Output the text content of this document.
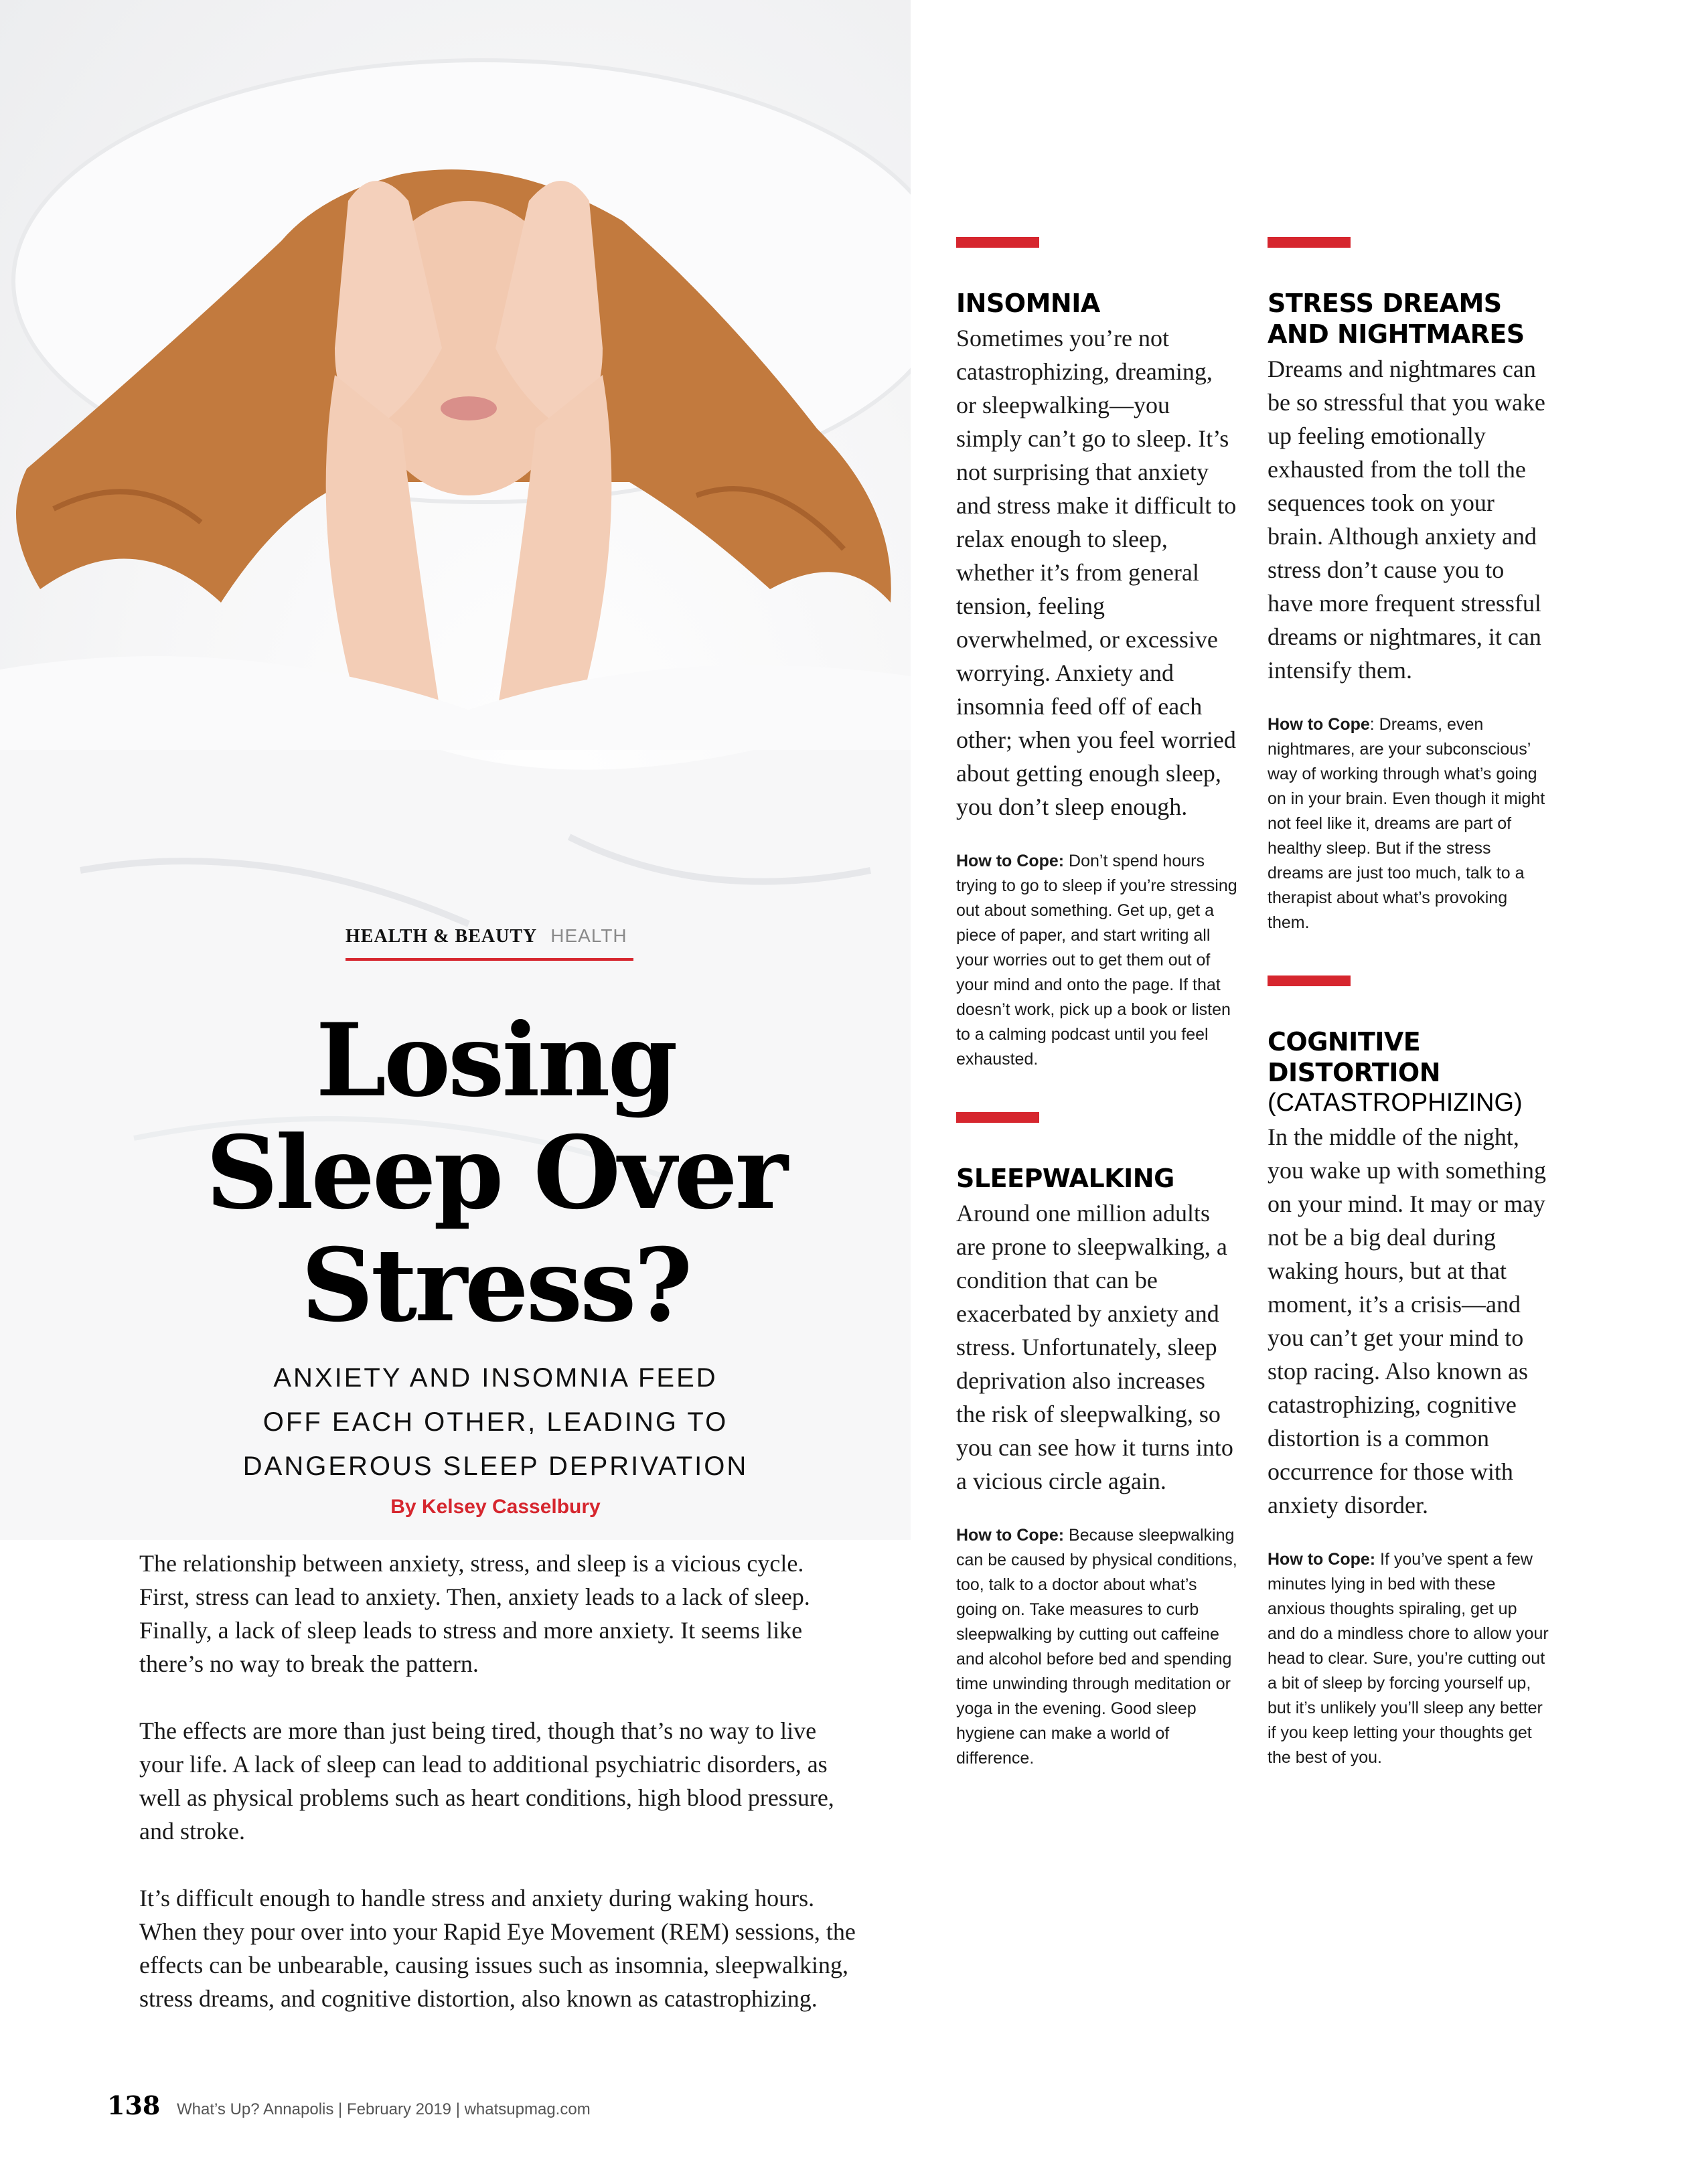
HEALTH & BEAUTY HEALTH
Losing
Sleep Over
Stress?
ANXIETY AND INSOMNIA FEED
OFF EACH OTHER, LEADING TO
DANGEROUS SLEEP DEPRIVATION
By Kelsey Casselbury

The relationship between anxiety, stress, and sleep is a vicious cycle. First, stress can lead to anxiety. Then, anxiety leads to a lack of sleep. Finally, a lack of sleep leads to stress and more anxiety. It seems like there’s no way to break the pattern.

The effects are more than just being tired, though that’s no way to live your life. A lack of sleep can lead to additional psychiatric disorders, as well as physical problems such as heart conditions, high blood pressure, and stroke.

It’s difficult enough to handle stress and anxiety during waking hours. When they pour over into your Rapid Eye Movement (REM) sessions, the effects can be unbearable, causing issues such as insomnia, sleepwalking, stress dreams, and cognitive distortion, also known as catastrophizing.

INSOMNIA
Sometimes you’re not catastrophizing, dreaming, or sleepwalking—you simply can’t go to sleep. It’s not surprising that anxiety and stress make it difficult to relax enough to sleep, whether it’s from general tension, feeling overwhelmed, or excessive worrying. Anxiety and insomnia feed off of each other; when you feel worried about getting enough sleep, you don’t sleep enough.
How to Cope: Don’t spend hours trying to go to sleep if you’re stressing out about something. Get up, get a piece of paper, and start writing all your worries out to get them out of your mind and onto the page. If that doesn’t work, pick up a book or listen to a calming podcast until you feel exhausted.
SLEEPWALKING
Around one million adults are prone to sleepwalking, a condition that can be exacerbated by anxiety and stress. Unfortunately, sleep deprivation also increases the risk of sleepwalking, so you can see how it turns into a vicious circle again.
How to Cope: Because sleepwalking can be caused by physical conditions, too, talk to a doctor about what’s going on. Take measures to curb sleepwalking by cutting out caffeine and alcohol before bed and spending time unwinding through meditation or yoga in the evening. Good sleep hygiene can make a world of difference.
STRESS DREAMS AND NIGHTMARES
Dreams and nightmares can be so stressful that you wake up feeling emotionally exhausted from the toll the sequences took on your brain. Although anxiety and stress don’t cause you to have more frequent stressful dreams or nightmares, it can intensify them.
How to Cope: Dreams, even nightmares, are your subconscious’ way of working through what’s going on in your brain. Even though it might not feel like it, dreams are part of healthy sleep. But if the stress dreams are just too much, talk to a therapist about what’s provoking them.
COGNITIVE DISTORTION
(CATASTROPHIZING)
In the middle of the night, you wake up with something on your mind. It may or may not be a big deal during waking hours, but at that moment, it’s a crisis—and you can’t get your mind to stop racing. Also known as catastrophizing, cognitive distortion is a common occurrence for those with anxiety disorder.
How to Cope: If you’ve spent a few minutes lying in bed with these anxious thoughts spiraling, get up and do a mindless chore to allow your head to clear. Sure, you’re cutting out a bit of sleep by forcing yourself up, but it’s unlikely you’ll sleep any better if you keep letting your thoughts get the best of you.
138 What’s Up? Annapolis | February 2019 | whatsupmag.com
